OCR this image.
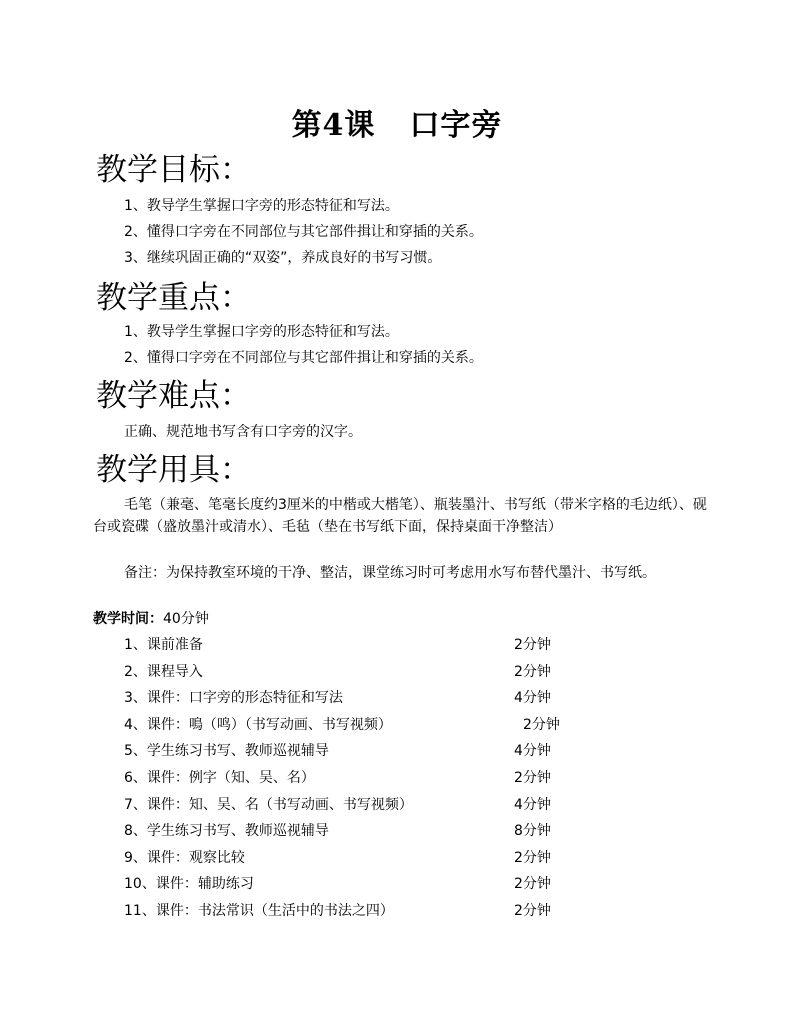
第4课 口字旁
教学目标：
1、教导学生掌握口字旁的形态特征和写法。
2、懂得口字旁在不同部位与其它部件揖让和穿插的关系。
3、继续巩固正确的“双姿”，养成良好的书写习惯。
教学重点：
1、教导学生掌握口字旁的形态特征和写法。
2、懂得口字旁在不同部位与其它部件揖让和穿插的关系。
教学难点：
正确、规范地书写含有口字旁的汉字。
教学用具：
毛笔（兼毫、笔毫长度约3厘米的中楷或大楷笔）、瓶装墨汁、书写纸（带米字格的毛边纸）、砚台或瓷碟（盛放墨汁或清水）、毛毡（垫在书写纸下面，保持桌面干净整洁）
备注：为保持教室环境的干净、整洁，课堂练习时可考虑用水写布替代墨汁、书写纸。
教学时间：40分钟
1、课前准备	2分钟
2、课程导入	2分钟
3、课件：口字旁的形态特征和写法	4分钟
4、课件：鳴（鸣）（书写动画、书写视频）	2分钟
5、学生练习书写、教师巡视辅导	4分钟
6、课件：例字（知、吴、名）	2分钟
7、课件：知、吴、名（书写动画、书写视频）	4分钟
8、学生练习书写、教师巡视辅导	8分钟
9、课件：观察比较	2分钟
10、课件：辅助练习	2分钟
11、课件：书法常识（生活中的书法之四）	2分钟
